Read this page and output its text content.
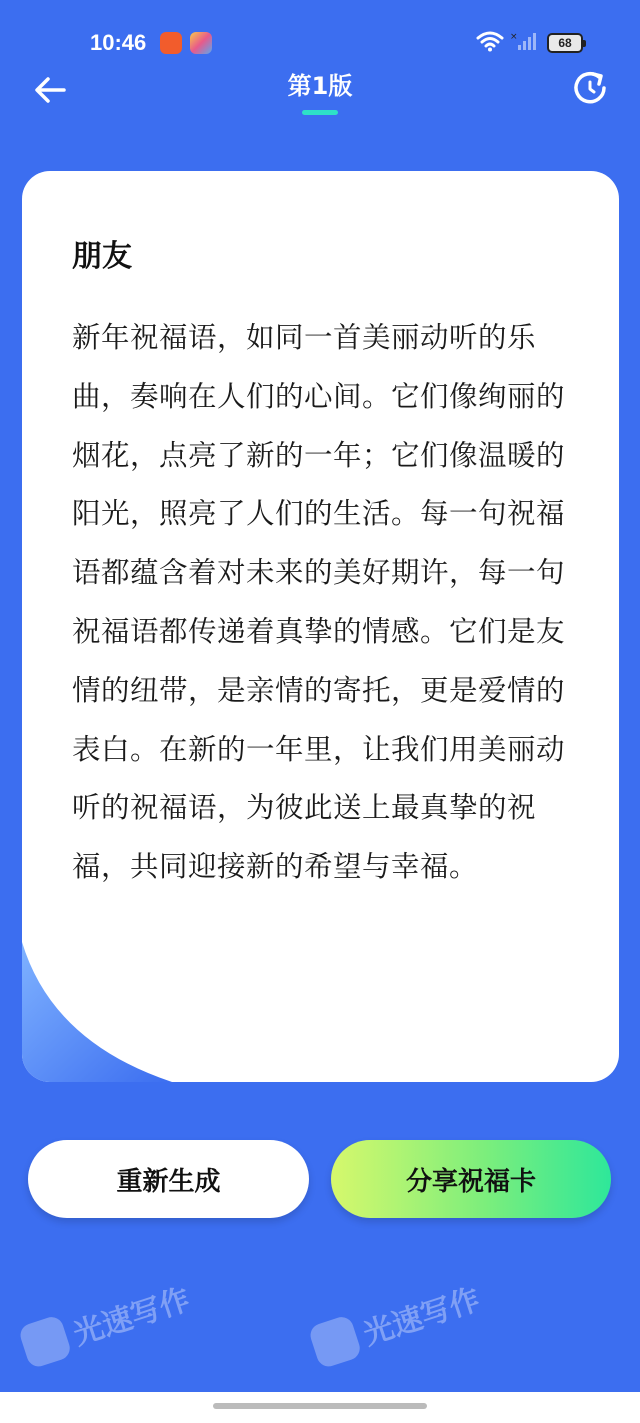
10:46	×	68
第1版
光速写作	光速写作
朋友
新年祝福语，如同一首美丽动听的乐曲，奏响在人们的心间。它们像绚丽的烟花，点亮了新的一年；它们像温暖的阳光，照亮了人们的生活。每一句祝福语都蕴含着对未来的美好期许，每一句祝福语都传递着真挚的情感。它们是友情的纽带，是亲情的寄托，更是爱情的表白。在新的一年里，让我们用美丽动听的祝福语，为彼此送上最真挚的祝福，共同迎接新的希望与幸福。
重新生成	分享祝福卡
